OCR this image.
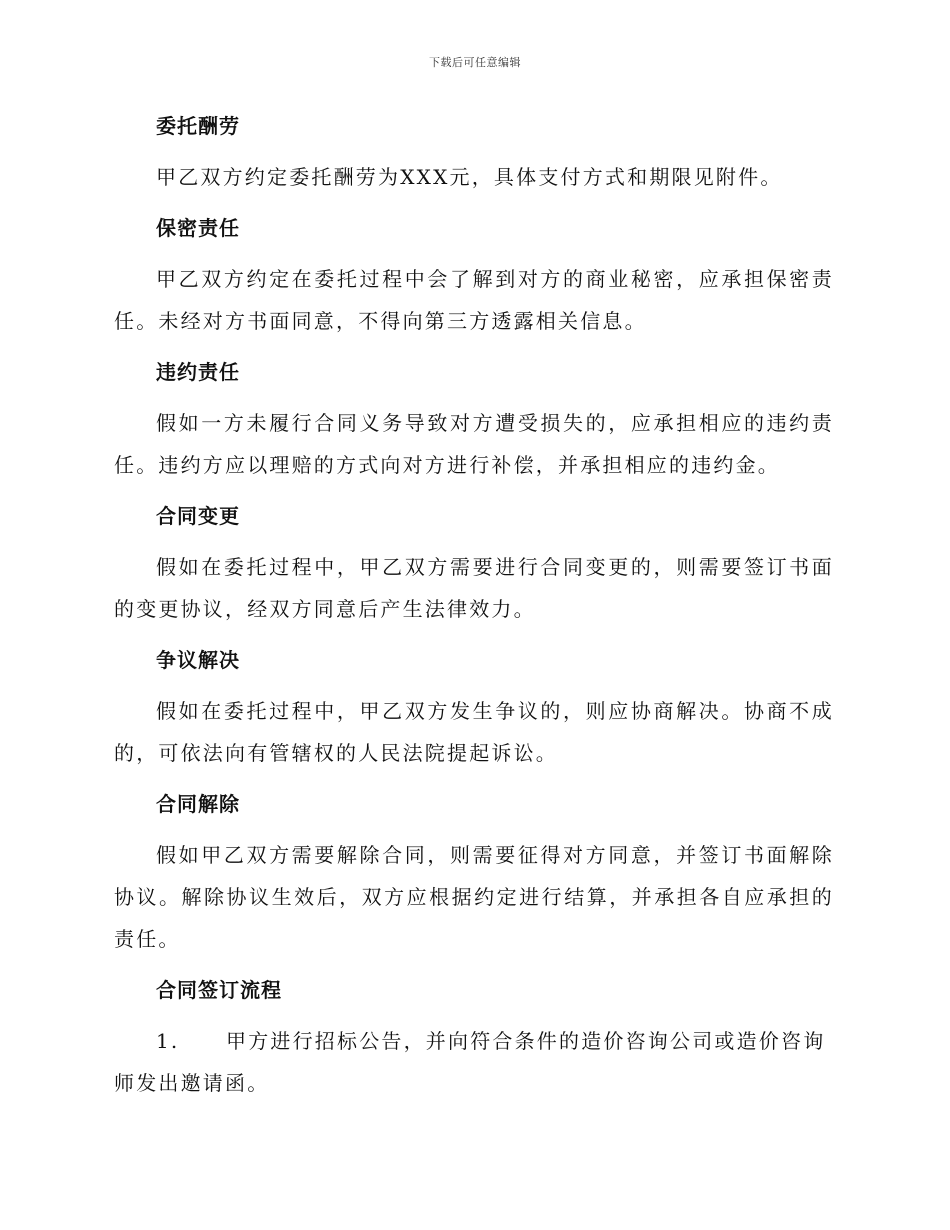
下载后可任意编辑
委托酬劳

甲乙双方约定委托酬劳为XXX元，具体支付方式和期限见附件。

保密责任

甲乙双方约定在委托过程中会了解到对方的商业秘密，应承担保密责任。未经对方书面同意，不得向第三方透露相关信息。

违约责任

假如一方未履行合同义务导致对方遭受损失的，应承担相应的违约责任。违约方应以理赔的方式向对方进行补偿，并承担相应的违约金。

合同变更

假如在委托过程中，甲乙双方需要进行合同变更的，则需要签订书面的变更协议，经双方同意后产生法律效力。

争议解决

假如在委托过程中，甲乙双方发生争议的，则应协商解决。协商不成的，可依法向有管辖权的人民法院提起诉讼。

合同解除

假如甲乙双方需要解除合同，则需要征得对方同意，并签订书面解除协议。解除协议生效后，双方应根据约定进行结算，并承担各自应承担的责任。

合同签订流程

1. 甲方进行招标公告，并向符合条件的造价咨询公司或造价咨询师发出邀请函。
